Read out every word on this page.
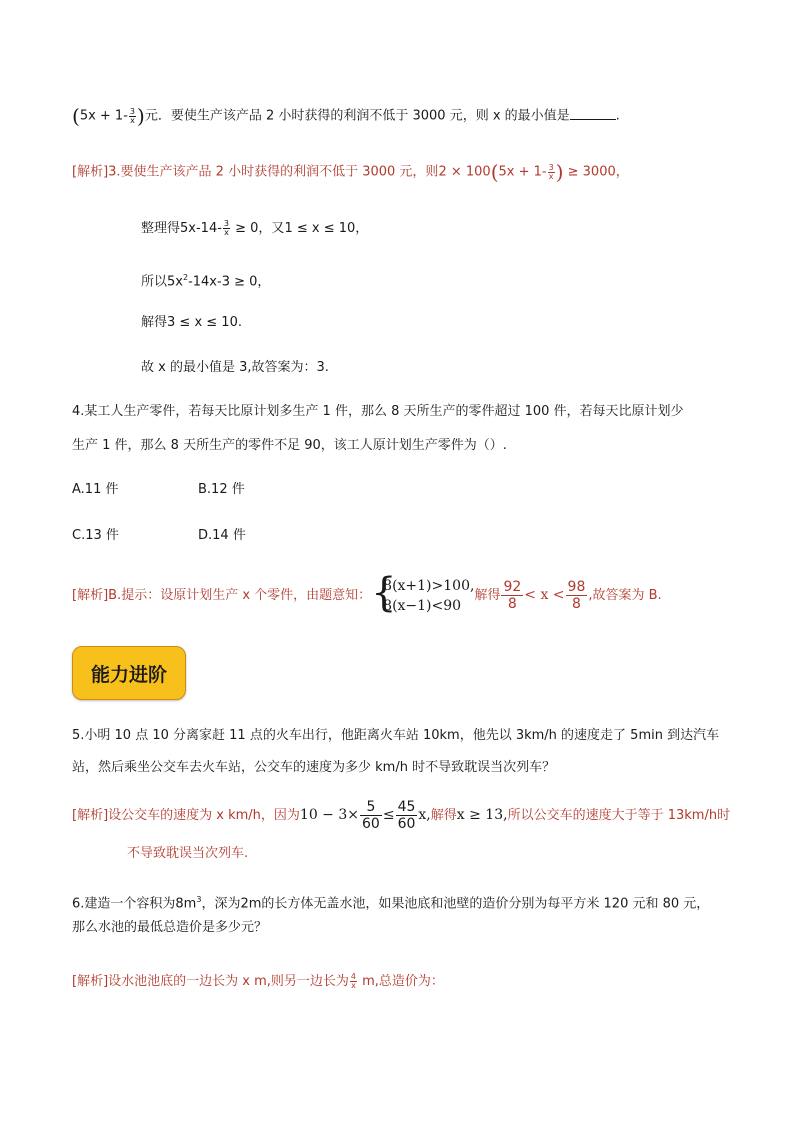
($5x + 1- \frac{3}{x}$ )元．要使生产该产品 2 小时获得的利润不低于 3000 元，则 x 的最小值是	.
[解析]3.要使生产该产品 2 小时获得的利润不低于 3000 元，则$2 \times 100(5x + 1- \frac{3}{x}$ ) ≥ 3000，
整理得$5x-14- \frac{3}{x} \ge 0$，又1 ≤ x ≤ 10，
所以$5x^2-14x-3 \ge 0$，
解得3 ≤ x ≤ 10.
故 x 的最小值是 3,故答案为：3.
4.某工人生产零件，若每天比原计划多生产 1 件，那么 8 天所生产的零件超过 100 件，若每天比原计划少
生产 1 件，那么 8 天所生产的零件不足 90，该工人原计划生产零件为（）.
A.11 件	B.12 件
C.13 件	D.14 件
[解析]B.提示：设原计划生产 x 个零件，由题意知： {
8(x+1)>100,
8(x−1)<90
解得 $\frac{92}{8} < x < \frac{98}{8}$ ,故答案为 B.
能力进阶
5.小明 10 点 10 分离家赶 11 点的火车出行，他距离火车站 10km，他先以 3km/h 的速度走了 5min 到达汽车
站，然后乘坐公交车去火车站，公交车的速度为多少 km/h 时不导致耽误当次列车？
[解析]设公交车的速度为 x km/h，因为$10 - 3\times \frac{5}{60} \le \frac{45}{60} x$,解得x ≥ 13,所以公交车的速度大于等于 13km/h时
不导致耽误当次列车.
6.建造一个容积为$8m^3$，深为2m的长方体无盖水池，如果池底和池壁的造价分别为每平方米 120 元和 80 元，
那么水池的最低总造价是多少元？
[解析]设水池池底的一边长为 x m,则另一边长为 $\frac{4}{x} m$,总造价为：
